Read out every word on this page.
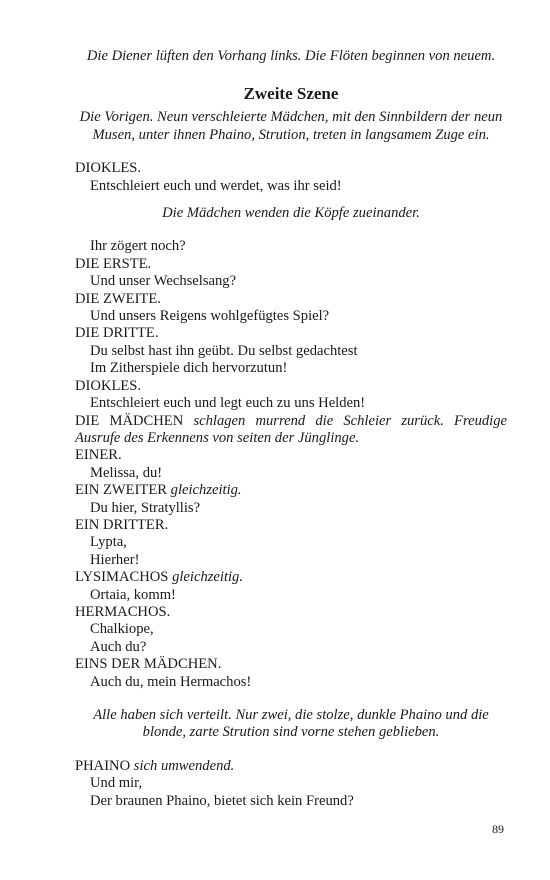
Die Diener lüften den Vorhang links. Die Flöten beginnen von neuem.

Zweite Szene

Die Vorigen. Neun verschleierte Mädchen, mit den Sinnbildern der neun

Musen, unter ihnen Phaino, Strution, treten in langsamem Zuge ein.

DIOKLES.

Entschleiert euch und werdet, was ihr seid!

Die Mädchen wenden die Köpfe zueinander.

Ihr zögert noch?

DIE ERSTE.

Und unser Wechselsang?

DIE ZWEITE.

Und unsers Reigens wohlgefügtes Spiel?

DIE DRITTE.

Du selbst hast ihn geübt. Du selbst gedachtest

Im Zitherspiele dich hervorzutun!

DIOKLES.

Entschleiert euch und legt euch zu uns Helden!

DIE MÄDCHEN schlagen murrend die Schleier zurück. Freudige Ausrufe des Erkennens von seiten der Jünglinge.

EINER.

Melissa, du!

EIN ZWEITER gleichzeitig.

Du hier, Stratyllis?

EIN DRITTER.

Lypta,

Hierher!

LYSIMACHOS gleichzeitig.

Ortaia, komm!

HERMACHOS.

Chalkiope,

Auch du?

EINS DER MÄDCHEN.

Auch du, mein Hermachos!

Alle haben sich verteilt. Nur zwei, die stolze, dunkle Phaino und die

blonde, zarte Strution sind vorne stehen geblieben.

PHAINO sich umwendend.

Und mir,

Der braunen Phaino, bietet sich kein Freund?

89
